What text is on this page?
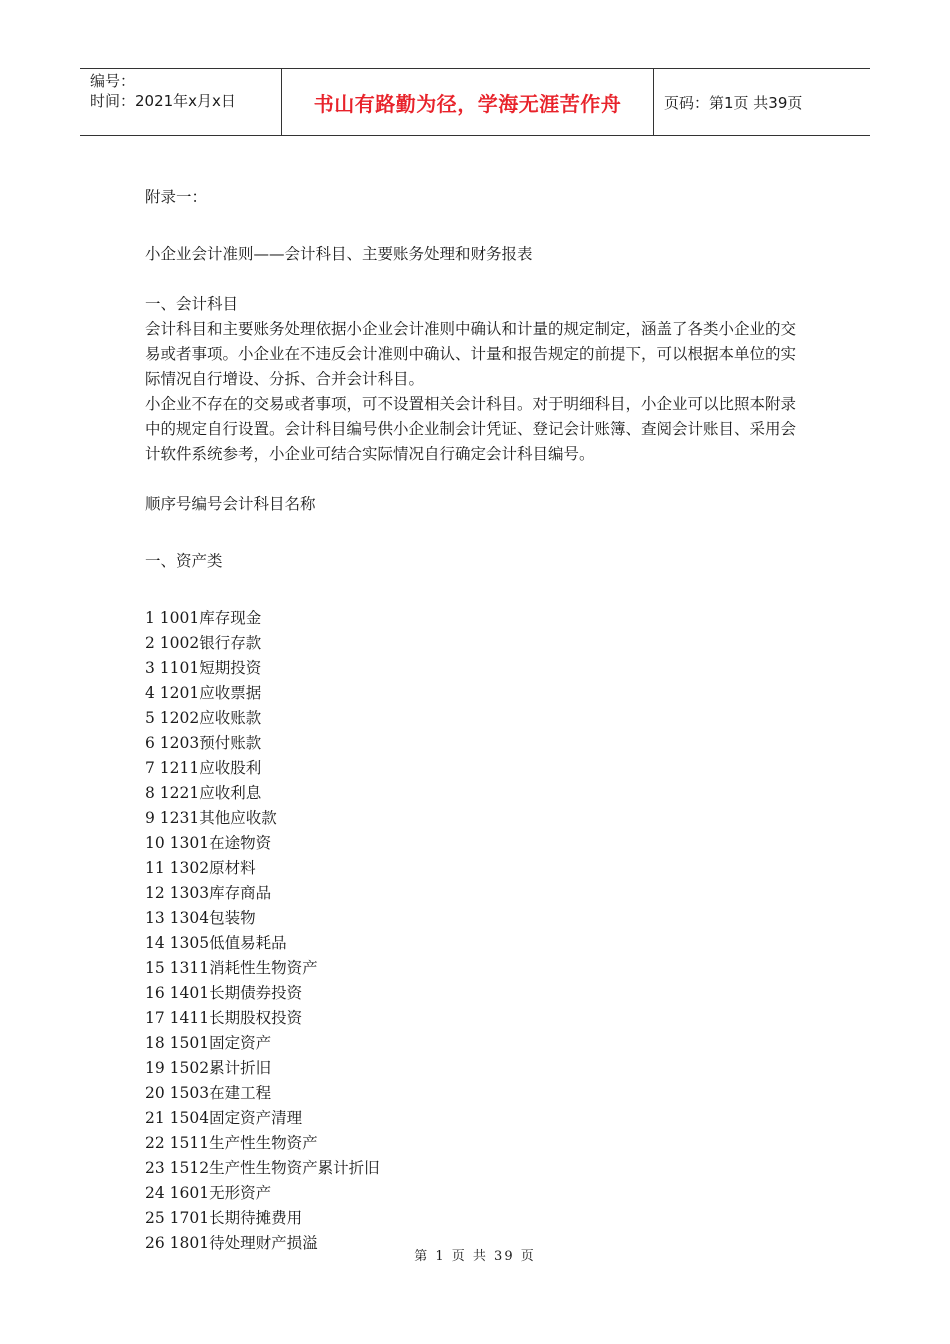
编号：
时间：2021年x月x日	书山有路勤为径，学海无涯苦作舟	页码：第1页 共39页

附录一：

小企业会计准则——会计科目、主要账务处理和财务报表

一、会计科目

会计科目和主要账务处理依据小企业会计准则中确认和计量的规定制定，涵盖了各类小企业的交易或者事项。小企业在不违反会计准则中确认、计量和报告规定的前提下，可以根据本单位的实际情况自行增设、分拆、合并会计科目。

小企业不存在的交易或者事项，可不设置相关会计科目。对于明细科目，小企业可以比照本附录中的规定自行设置。会计科目编号供小企业制会计凭证、登记会计账簿、查阅会计账目、采用会计软件系统参考，小企业可结合实际情况自行确定会计科目编号。

顺序号编号会计科目名称

一、资产类

1 1001库存现金

2 1002银行存款

3 1101短期投资

4 1201应收票据

5 1202应收账款

6 1203预付账款

7 1211应收股利

8 1221应收利息

9 1231其他应收款

10 1301在途物资

11 1302原材料

12 1303库存商品

13 1304包装物

14 1305低值易耗品

15 1311消耗性生物资产

16 1401长期债券投资

17 1411长期股权投资

18 1501固定资产

19 1502累计折旧

20 1503在建工程

21 1504固定资产清理

22 1511生产性生物资产

23 1512生产性生物资产累计折旧

24 1601无形资产

25 1701长期待摊费用

26 1801待处理财产损溢

第 1 页 共 39 页
